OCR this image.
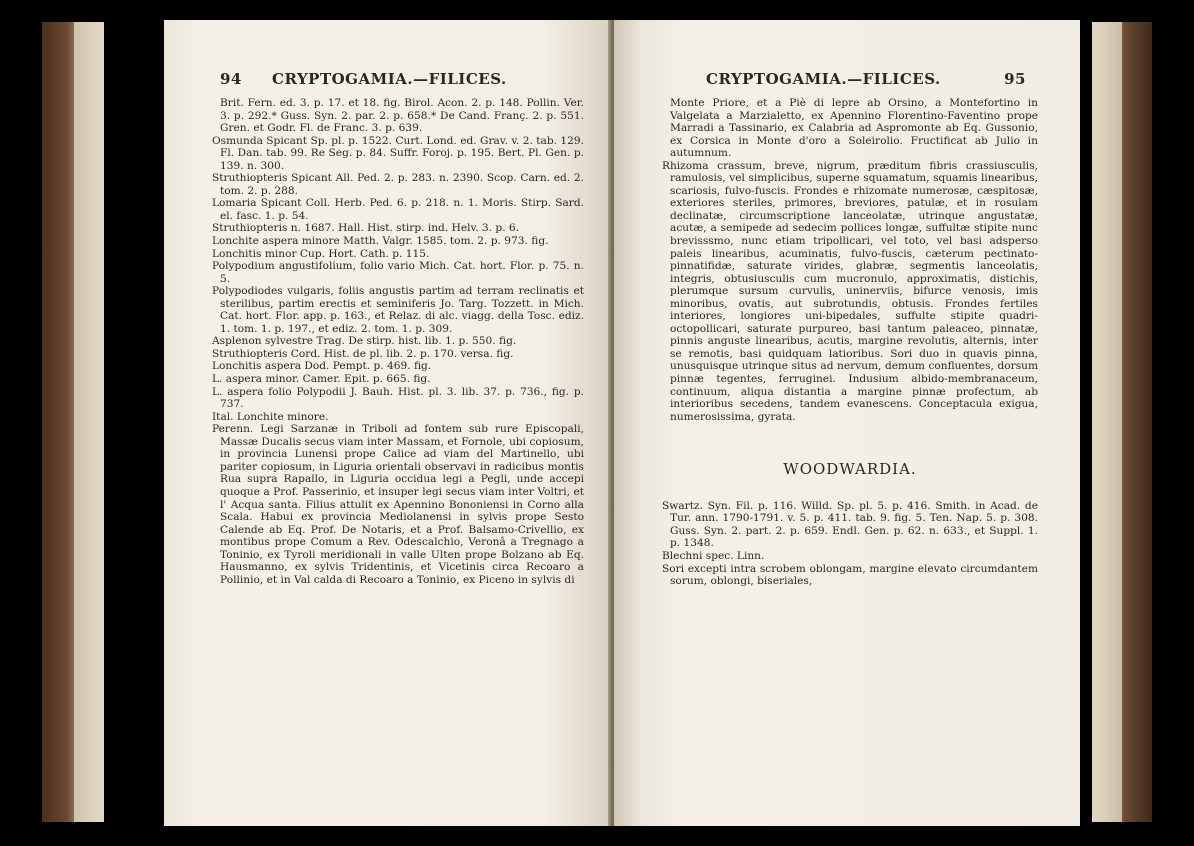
94 CRYPTOGAMIA.—FILICES.

Brit. Fern. ed. 3. p. 17. et 18. fig. Birol. Acon. 2. p. 148. Pollin. Ver. 3. p. 292.* Guss. Syn. 2. par. 2. p. 658.* De Cand. Franç. 2. p. 551. Gren. et Godr. Fl. de Franc. 3. p. 639.

Osmunda Spicant Sp. pl. p. 1522. Curt. Lond. ed. Grav. v. 2. tab. 129. Fl. Dan. tab. 99. Re Seg. p. 84. Suffr. Foroj. p. 195. Bert. Pl. Gen. p. 139. n. 300.

Struthiopteris Spicant All. Ped. 2. p. 283. n. 2390. Scop. Carn. ed. 2. tom. 2. p. 288.

Lomaria Spicant Coll. Herb. Ped. 6. p. 218. n. 1. Moris. Stirp. Sard. el. fasc. 1. p. 54.

Struthiopteris n. 1687. Hall. Hist. stirp. ind. Helv. 3. p. 6.

Lonchite aspera minore Matth. Valgr. 1585. tom. 2. p. 973. fig.

Lonchitis minor Cup. Hort. Cath. p. 115.

Polypodium angustifolium, folio vario Mich. Cat. hort. Flor. p. 75. n. 5.

Polypodiodes vulgaris, foliis angustis partim ad terram reclinatis et sterilibus, partim erectis et seminiferis Jo. Targ. Tozzett. in Mich. Cat. hort. Flor. app. p. 163., et Relaz. di alc. viagg. della Tosc. ediz. 1. tom. 1. p. 197., et ediz. 2. tom. 1. p. 309.

Asplenon sylvestre Trag. De stirp. hist. lib. 1. p. 550. fig.

Struthiopteris Cord. Hist. de pl. lib. 2. p. 170. versa. fig.

Lonchitis aspera Dod. Pempt. p. 469. fig.

L. aspera minor. Camer. Epit. p. 665. fig.

L. aspera folio Polypodii J. Bauh. Hist. pl. 3. lib. 37. p. 736., fig. p. 737.

Ital. Lonchite minore.

Perenn. Legi Sarzanæ in Triboli ad fontem sub rure Episcopali, Massæ Ducalis secus viam inter Massam, et Fornole, ubi copiosum, in provincia Lunensi prope Calice ad viam del Martinello, ubi pariter copiosum, in Liguria orientali observavi in radicibus montis Rua supra Rapallo, in Liguria occidua legi a Pegli, unde accepi quoque a Prof. Passerinio, et insuper legi secus viam inter Voltri, et l' Acqua santa. Filius attulit ex Apennino Bononiensi in Corno alla Scala. Habui ex provincia Mediolanensi in sylvis prope Sesto Calende ab Eq. Prof. De Notaris, et a Prof. Balsamo-Crivellio, ex montibus prope Comum a Rev. Odescalchio, Veronâ a Tregnago a Toninio, ex Tyroli meridionali in valle Ulten prope Bolzano ab Eq. Hausmanno, ex sylvis Tridentinis, et Vicetinis circa Recoaro a Pollinio, et in Val calda di Recoaro a Toninio, ex Piceno in sylvis di

CRYPTOGAMIA.—FILICES.	95

Monte Priore, et a Piè di lepre ab Orsino, a Montefortino in Valgelata a Marzialetto, ex Apennino Florentino-Faventino prope Marradi a Tassinario, ex Calabria ad Aspromonte ab Eq. Gussonio, ex Corsica in Monte d'oro a Soleirolio. Fructificat ab Julio in autumnum.

Rhizoma crassum, breve, nigrum, præditum fibris crassiusculis, ramulosis, vel simplicibus, superne squamatum, squamis linearibus, scariosis, fulvo-fuscis. Frondes e rhizomate numerosæ, cæspitosæ, exteriores steriles, primores, breviores, patulæ, et in rosulam declinatæ, circumscriptione lanceolatæ, utrinque angustatæ, acutæ, a semipede ad sedecim pollices longæ, suffultæ stipite nunc brevisssmo, nunc etiam tripollicari, vel toto, vel basi adsperso paleis linearibus, acuminatis, fulvo-fuscis, cæterum pectinato-pinnatifidæ, saturate virides, glabræ, segmentis lanceolatis, integris, obtusiusculis cum mucronulo, approximatis, distichis, plerumque sursum curvulis, uninerviis, bifurce venosis, imis minoribus, ovatis, aut subrotundis, obtusis. Frondes fertiles interiores, longiores uni-bipedales, suffulte stipite quadri-octopollicari, saturate purpureo, basi tantum paleaceo, pinnatæ, pinnis anguste linearibus, acutis, margine revolutis, alternis, inter se remotis, basi quidquam latioribus. Sori duo in quavis pinna, unusquisque utrinque situs ad nervum, demum confluentes, dorsum pinnæ tegentes, ferruginei. Indusium albido-membranaceum, continuum, aliqua distantia a margine pinnæ profectum, ab interioribus secedens, tandem evanescens. Conceptacula exigua, numerosissima, gyrata.

WOODWARDIA.

Swartz. Syn. Fil. p. 116. Willd. Sp. pl. 5. p. 416. Smith. in Acad. de Tur. ann. 1790-1791. v. 5. p. 411. tab. 9. fig. 5. Ten. Nap. 5. p. 308. Guss. Syn. 2. part. 2. p. 659. Endl. Gen. p. 62. n. 633., et Suppl. 1. p. 1348.

Blechni spec. Linn.

Sori excepti intra scrobem oblongam, margine elevato circumdantem sorum, oblongi, biseriales,
